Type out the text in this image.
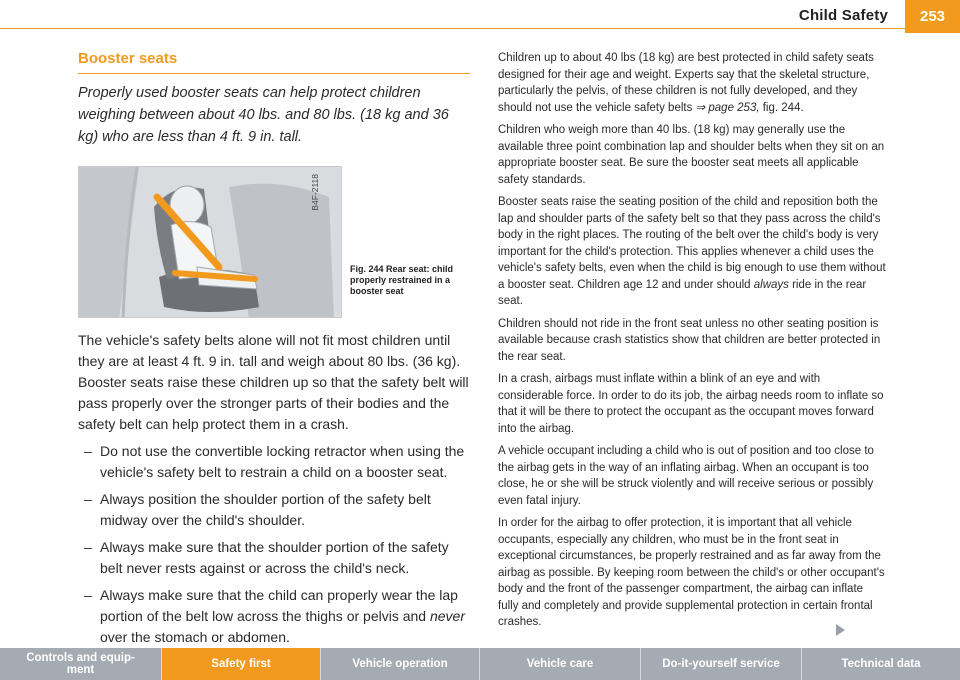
Child Safety	253
Booster seats

Properly used booster seats can help protect children weighing between about 40 lbs. and 80 lbs. (18 kg and 36 kg) who are less than 4 ft. 9 in. tall.

B4F-2118
Fig. 244 Rear seat: child properly restrained in a booster seat

The vehicle's safety belts alone will not fit most children until they are at least 4 ft. 9 in. tall and weigh about 80 lbs. (36 kg). Booster seats raise these children up so that the safety belt will pass properly over the stronger parts of their bodies and the safety belt can help protect them in a crash.

– Do not use the convertible locking retractor when using the vehicle's safety belt to restrain a child on a booster seat.
– Always position the shoulder portion of the safety belt midway over the child's shoulder.
– Always make sure that the shoulder portion of the safety belt never rests against or across the child's neck.
– Always make sure that the child can properly wear the lap portion of the belt low across the thighs or pelvis and never over the stomach or abdomen.

Children up to about 40 lbs (18 kg) are best protected in child safety seats designed for their age and weight. Experts say that the skeletal structure, particularly the pelvis, of these children is not fully developed, and they should not use the vehicle safety belts ⇒ page 253, fig. 244.

Children who weigh more than 40 lbs. (18 kg) may generally use the available three point combination lap and shoulder belts when they sit on an appropriate booster seat. Be sure the booster seat meets all applicable safety standards.

Booster seats raise the seating position of the child and reposition both the lap and shoulder parts of the safety belt so that they pass across the child's body in the right places. The routing of the belt over the child's body is very important for the child's protection. This applies whenever a child uses the vehicle's safety belts, even when the child is big enough to use them without a booster seat. Children age 12 and under should always ride in the rear seat.

Children should not ride in the front seat unless no other seating position is available because crash statistics show that children are better protected in the rear seat.

In a crash, airbags must inflate within a blink of an eye and with considerable force. In order to do its job, the airbag needs room to inflate so that it will be there to protect the occupant as the occupant moves forward into the airbag.

A vehicle occupant including a child who is out of position and too close to the airbag gets in the way of an inflating airbag. When an occupant is too close, he or she will be struck violently and will receive serious or possibly even fatal injury.

In order for the airbag to offer protection, it is important that all vehicle occupants, especially any children, who must be in the front seat in exceptional circumstances, be properly restrained and as far away from the airbag as possible. By keeping room between the child's or other occupant's body and the front of the passenger compartment, the airbag can inflate fully and completely and provide supplemental protection in certain frontal crashes.

Controls and equip-
ment	Safety first	Vehicle operation	Vehicle care	Do-it-yourself service	Technical data
